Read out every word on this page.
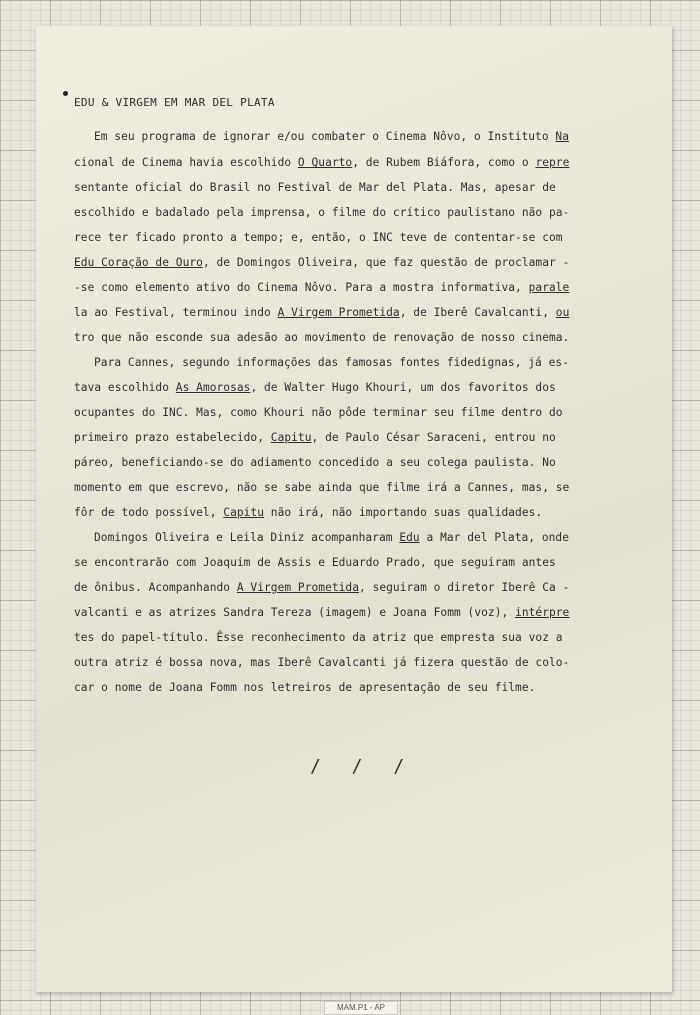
EDU & VIRGEM EM MAR DEL PLATA
Em seu programa de ignorar e/ou combater o Cinema Nôvo, o Instituto Na
cional de Cinema havia escolhido O Quarto, de Rubem Biáfora, como o repre
sentante oficial do Brasil no Festival de Mar del Plata. Mas, apesar de
escolhido e badalado pela imprensa, o filme do crítico paulistano não pa-
rece ter ficado pronto a tempo; e, então, o INC teve de contentar-se com
Edu Coração de Ouro, de Domingos Oliveira, que faz questão de proclamar -
-se como elemento ativo do Cinema Nôvo. Para a mostra informativa, parale
la ao Festival, terminou indo A Virgem Prometida, de Iberê Cavalcanti, ou
tro que não esconde sua adesão ao movimento de renovação de nosso cinema.
Para Cannes, segundo informações das famosas fontes fidedignas, já es-
tava escolhido As Amorosas, de Walter Hugo Khouri, um dos favoritos dos
ocupantes do INC. Mas, como Khouri não pôde terminar seu filme dentro do
primeiro prazo estabelecido, Capitu, de Paulo César Saraceni, entrou no
páreo, beneficiando-se do adiamento concedido a seu colega paulista. No
momento em que escrevo, não se sabe ainda que filme irá a Cannes, mas, se
fôr de todo possível, Capitu não irá, não importando suas qualidades.
Domingos Oliveira e Leila Diniz acompanharam Edu a Mar del Plata, onde
se encontrarão com Joaquim de Assis e Eduardo Prado, que seguiram antes
de ônibus. Acompanhando A Virgem Prometida, seguiram o diretor Iberê Ca -
valcanti e as atrizes Sandra Tereza (imagem) e Joana Fomm (voz), intérpre
tes do papel-título. Êsse reconhecimento da atriz que empresta sua voz a
outra atriz é bossa nova, mas Iberê Cavalcanti já fizera questão de colo-
car o nome de Joana Fomm nos letreiros de apresentação de seu filme.
/ / /
MAM.P1 - AP
